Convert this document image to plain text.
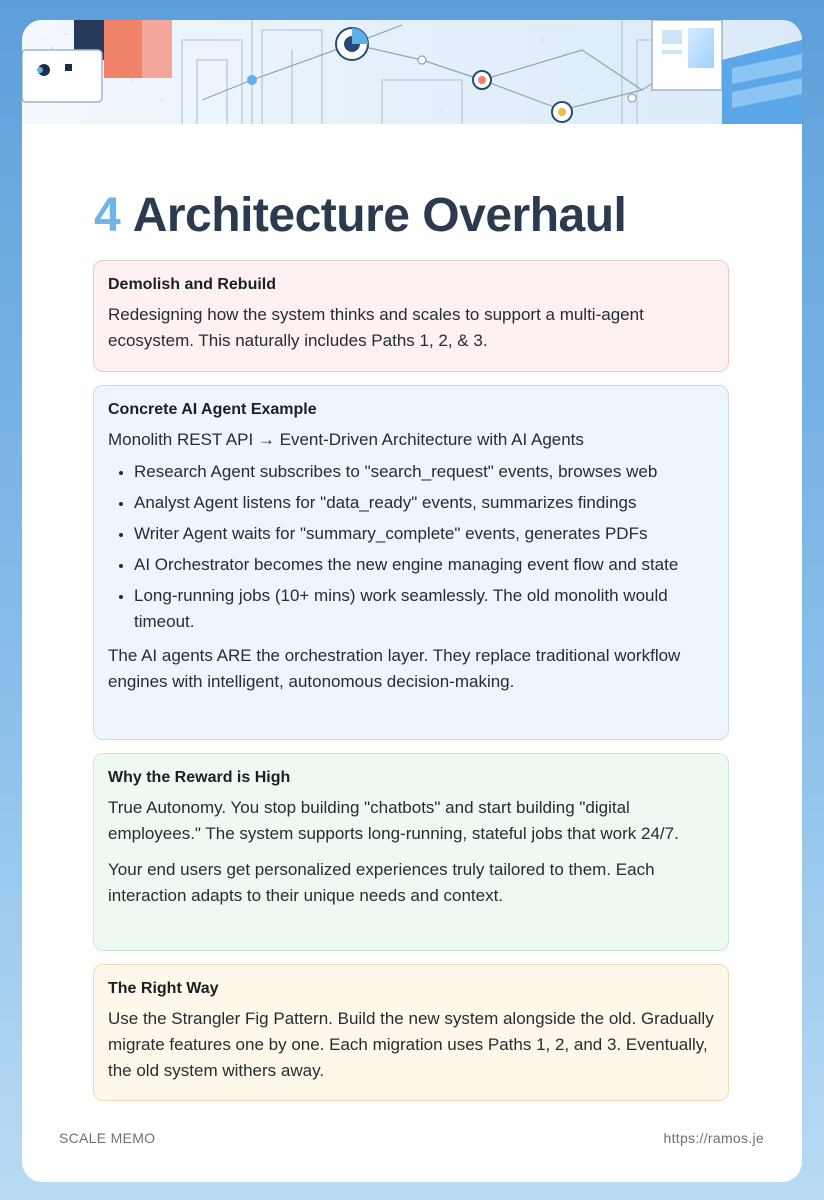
4 Architecture Overhaul
Demolish and Rebuild

Redesigning how the system thinks and scales to support a multi-agent ecosystem. This naturally includes Paths 1, 2, & 3.

Concrete AI Agent Example

Monolith REST API → Event-Driven Architecture with AI Agents

• Research Agent subscribes to "search_request" events, browses web
• Analyst Agent listens for "data_ready" events, summarizes findings
• Writer Agent waits for "summary_complete" events, generates PDFs
• AI Orchestrator becomes the new engine managing event flow and state
• Long-running jobs (10+ mins) work seamlessly. The old monolith would timeout.

The AI agents ARE the orchestration layer. They replace traditional workflow engines with intelligent, autonomous decision-making.

Why the Reward is High

True Autonomy. You stop building "chatbots" and start building "digital employees." The system supports long-running, stateful jobs that work 24/7.

Your end users get personalized experiences truly tailored to them. Each interaction adapts to their unique needs and context.

The Right Way

Use the Strangler Fig Pattern. Build the new system alongside the old. Gradually migrate features one by one. Each migration uses Paths 1, 2, and 3. Eventually, the old system withers away.

SCALE MEMO	https://ramos.je
